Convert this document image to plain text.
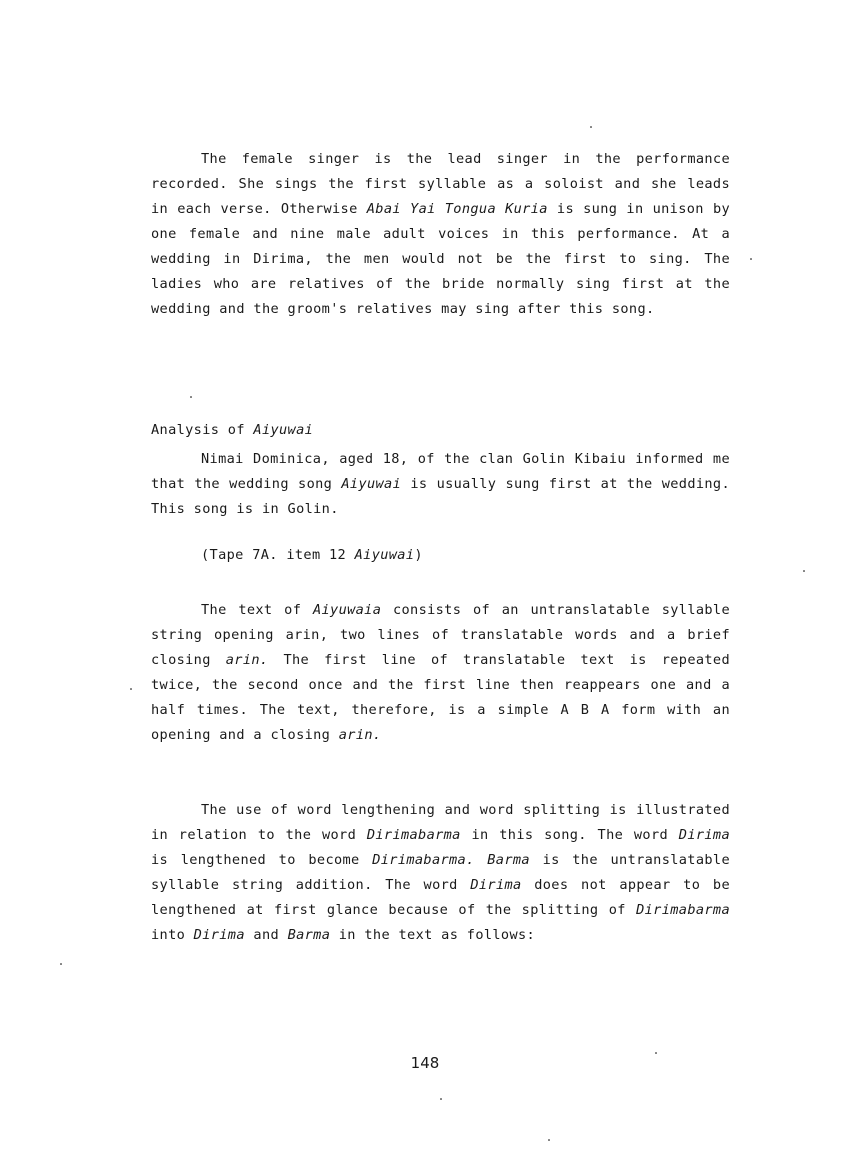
The female singer is the lead singer in the performance recorded. She sings the first syllable as a soloist and she leads in each verse. Otherwise Abai Yai Tongua Kuria is sung in unison by one female and nine male adult voices in this performance. At a wedding in Dirima, the men would not be the first to sing. The ladies who are relatives of the bride normally sing first at the wedding and the groom's relatives may sing after this song.

Analysis of Aiyuwai

Nimai Dominica, aged 18, of the clan Golin Kibaiu informed me that the wedding song Aiyuwai is usually sung first at the wedding. This song is in Golin.

(Tape 7A. item 12 Aiyuwai)

The text of Aiyuwaia consists of an untranslatable syllable string opening arin, two lines of translatable words and a brief closing arin. The first line of translatable text is repeated twice, the second once and the first line then reappears one and a half times. The text, therefore, is a simple A B A form with an opening and a closing arin.

The use of word lengthening and word splitting is illustrated in relation to the word Dirimabarma in this song. The word Dirima is lengthened to become Dirimabarma. Barma is the untranslatable syllable string addition. The word Dirima does not appear to be lengthened at first glance because of the splitting of Dirimabarma into Dirima and Barma in the text as follows:

148
